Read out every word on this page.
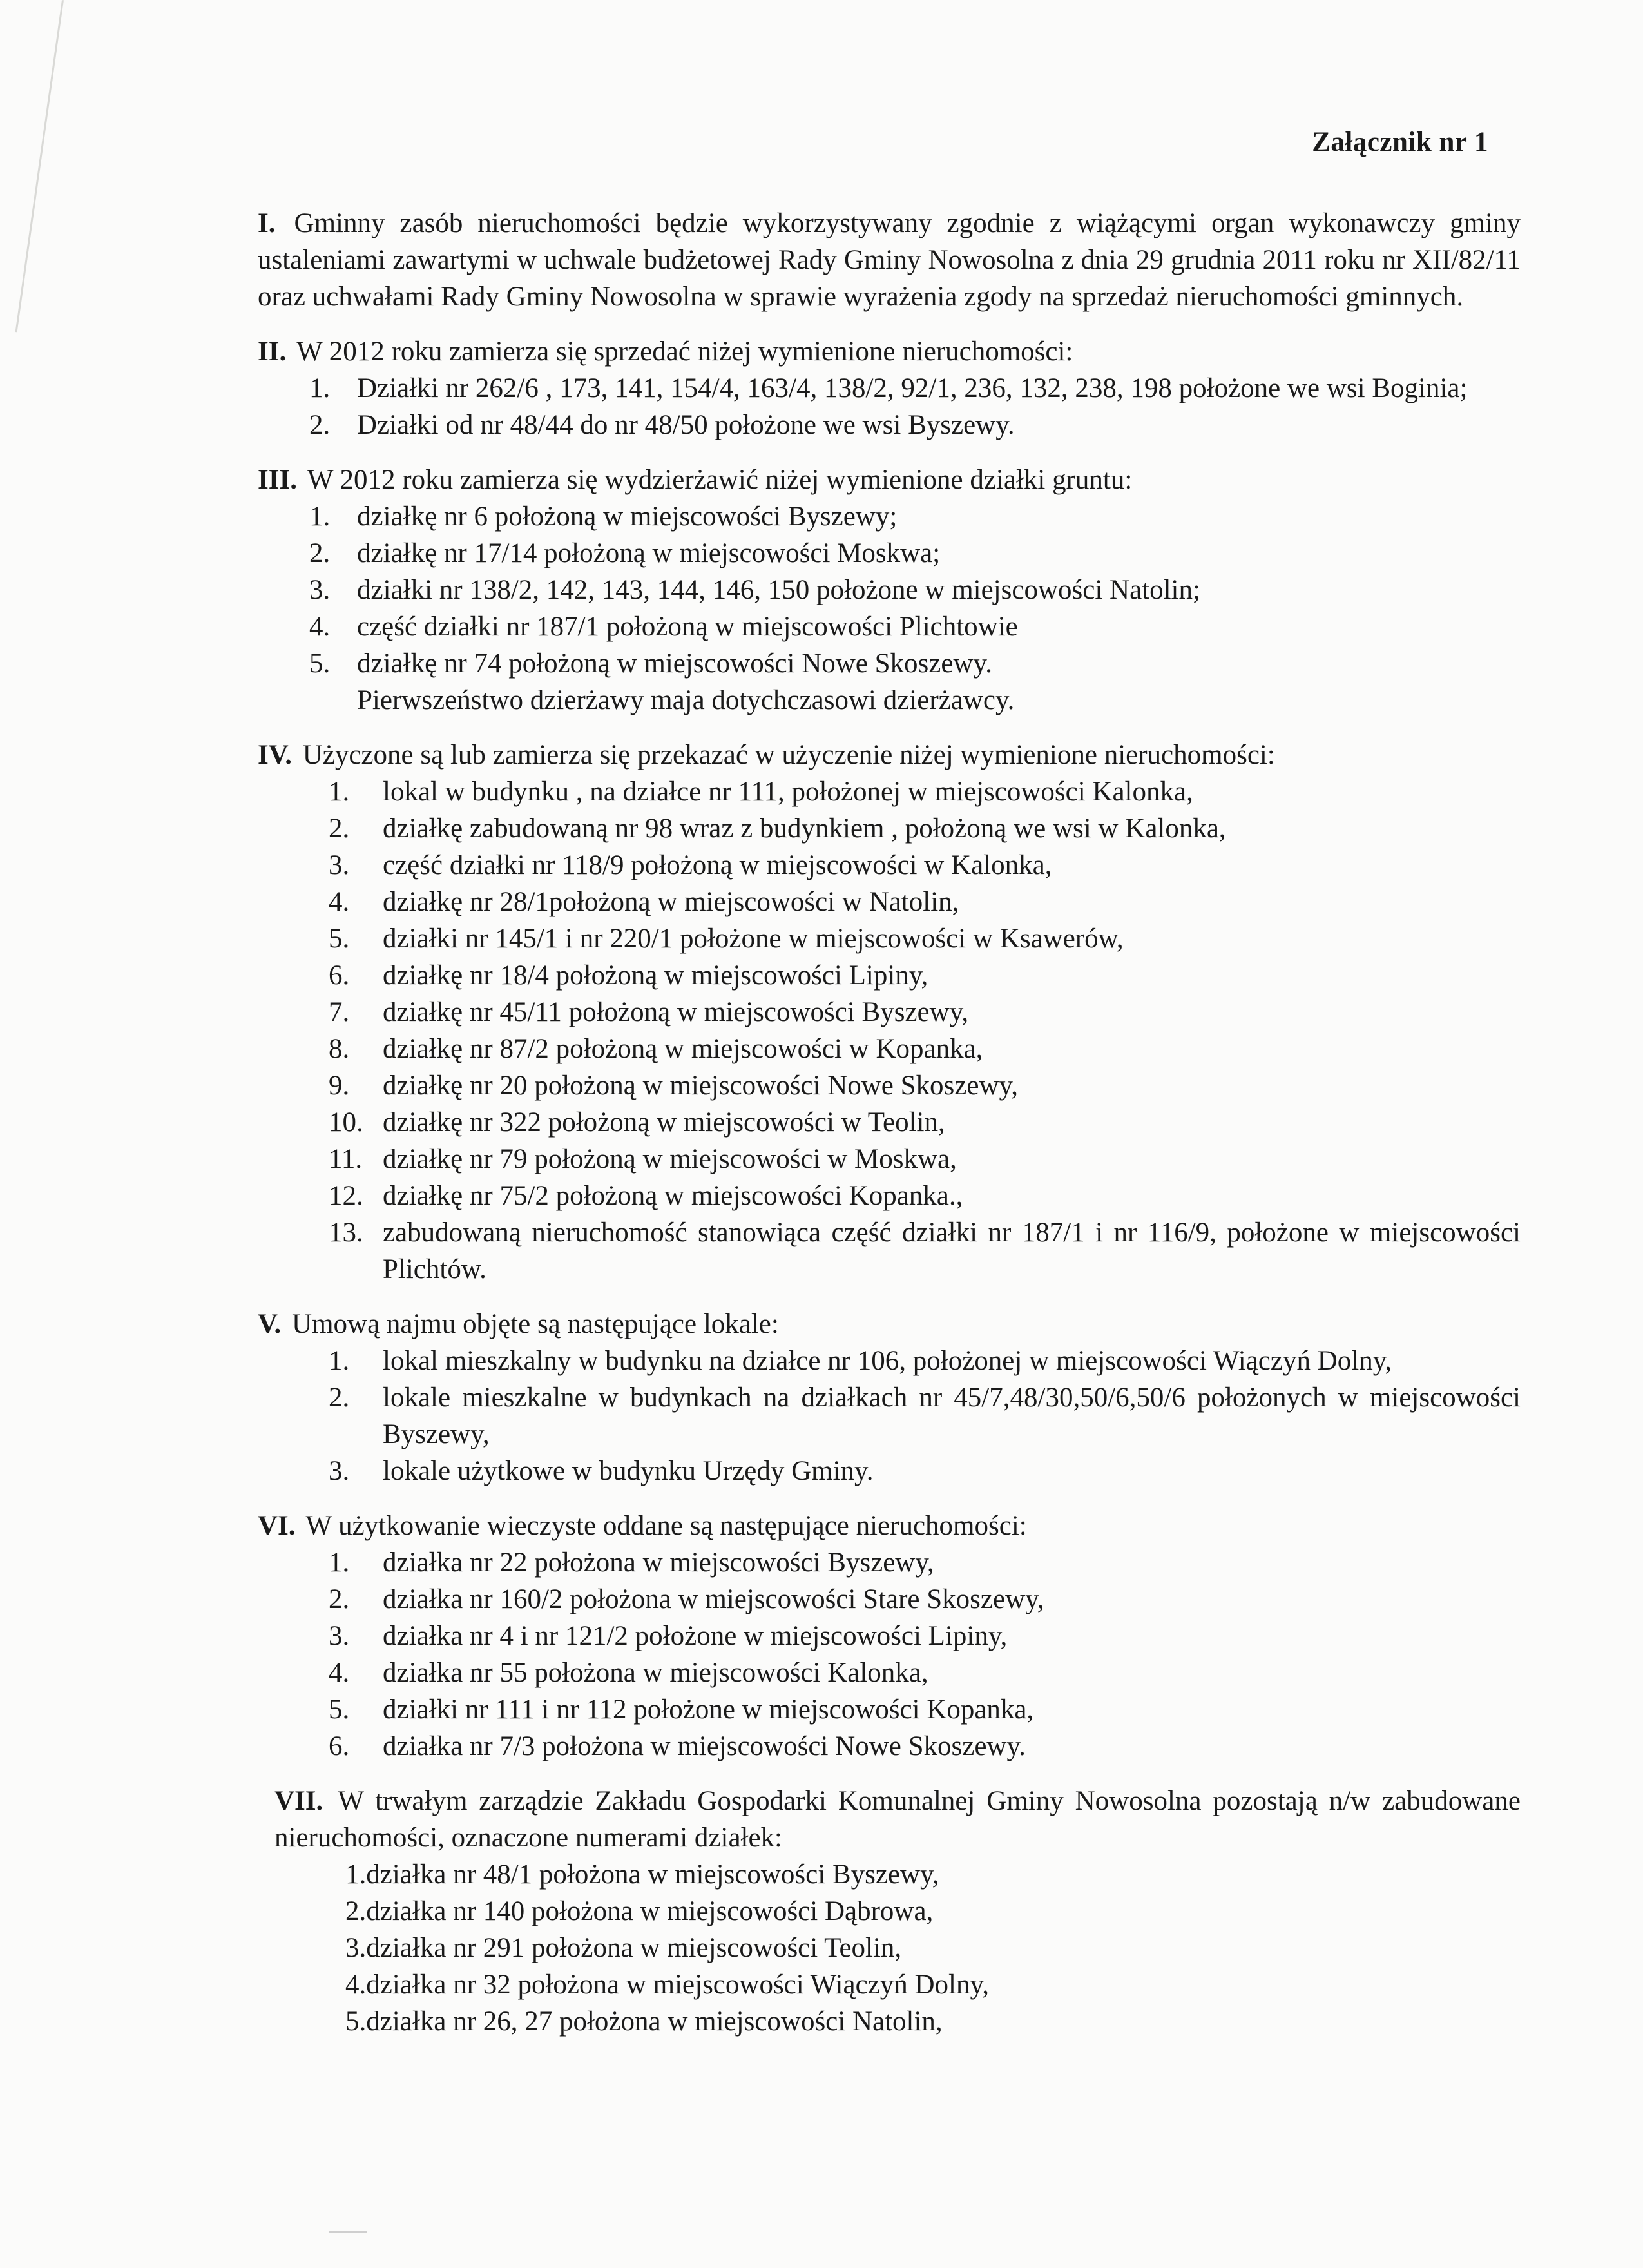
Załącznik nr 1
I. Gminny zasób nieruchomości będzie wykorzystywany zgodnie z wiążącymi organ wykonawczy gminy ustaleniami zawartymi w uchwale budżetowej Rady Gminy Nowosolna z dnia 29 grudnia 2011 roku nr XII/82/11 oraz uchwałami Rady Gminy Nowosolna w sprawie wyrażenia zgody na sprzedaż nieruchomości gminnych.
II. W 2012 roku zamierza się sprzedać niżej wymienione nieruchomości:
1. Działki nr 262/6 , 173, 141, 154/4, 163/4, 138/2, 92/1, 236, 132, 238, 198 położone we wsi Boginia;
2. Działki od nr 48/44 do nr 48/50 położone we wsi Byszewy.
III. W 2012 roku zamierza się wydzierżawić niżej wymienione działki gruntu:
1. działkę nr 6 położoną w miejscowości Byszewy;
2. działkę nr 17/14 położoną w miejscowości Moskwa;
3. działki nr 138/2, 142, 143, 144, 146, 150 położone w miejscowości Natolin;
4. część działki nr 187/1 położoną w miejscowości Plichtowie
5. działkę nr 74 położoną w miejscowości Nowe Skoszewy.
Pierwszeństwo dzierżawy maja dotychczasowi dzierżawcy.
IV. Użyczone są lub zamierza się przekazać w użyczenie niżej wymienione nieruchomości:
1.	lokal w budynku , na działce nr 111, położonej w miejscowości Kalonka,
2.	działkę zabudowaną nr 98 wraz z budynkiem , położoną we wsi w Kalonka,
3.	część działki nr 118/9 położoną w miejscowości w Kalonka,
4.	działkę nr 28/1położoną w miejscowości w Natolin,
5.	działki nr 145/1 i nr 220/1 położone w miejscowości w Ksawerów,
6.	działkę nr 18/4 położoną w miejscowości Lipiny,
7.	działkę nr 45/11 położoną w miejscowości Byszewy,
8.	działkę nr 87/2 położoną w miejscowości w Kopanka,
9.	działkę nr 20 położoną w miejscowości Nowe Skoszewy,
10. działkę nr 322 położoną w miejscowości w Teolin,
11. działkę nr 79 położoną w miejscowości w Moskwa,
12. działkę nr 75/2 położoną w miejscowości Kopanka.,
13. zabudowaną nieruchomość stanowiąca część działki nr 187/1 i nr 116/9, położone w miejscowości Plichtów.
V. Umową najmu objęte są następujące lokale:
1.	lokal mieszkalny w budynku na działce nr 106, położonej w miejscowości Wiączyń Dolny,
2.	lokale mieszkalne w budynkach na działkach nr 45/7,48/30,50/6,50/6 położonych w miejscowości Byszewy,
3.	lokale użytkowe w budynku Urzędy Gminy.
VI. W użytkowanie wieczyste oddane są następujące nieruchomości:
1.	działka nr 22 położona w miejscowości Byszewy,
2.	działka nr 160/2 położona w miejscowości Stare Skoszewy,
3.	działka nr 4 i nr 121/2 położone w miejscowości Lipiny,
4.	działka nr 55 położona w miejscowości Kalonka,
5.	działki nr 111 i nr 112 położone w miejscowości Kopanka,
6.	działka nr 7/3 położona w miejscowości Nowe Skoszewy.
VII. W trwałym zarządzie Zakładu Gospodarki Komunalnej Gminy Nowosolna pozostają n/w zabudowane nieruchomości, oznaczone numerami działek:
1. działka nr 48/1 położona w miejscowości Byszewy,
2. działka nr 140 położona w miejscowości Dąbrowa,
3. działka nr 291 położona w miejscowości Teolin,
4. działka nr 32 położona w miejscowości Wiączyń Dolny,
5. działka nr 26, 27 położona w miejscowości Natolin,
